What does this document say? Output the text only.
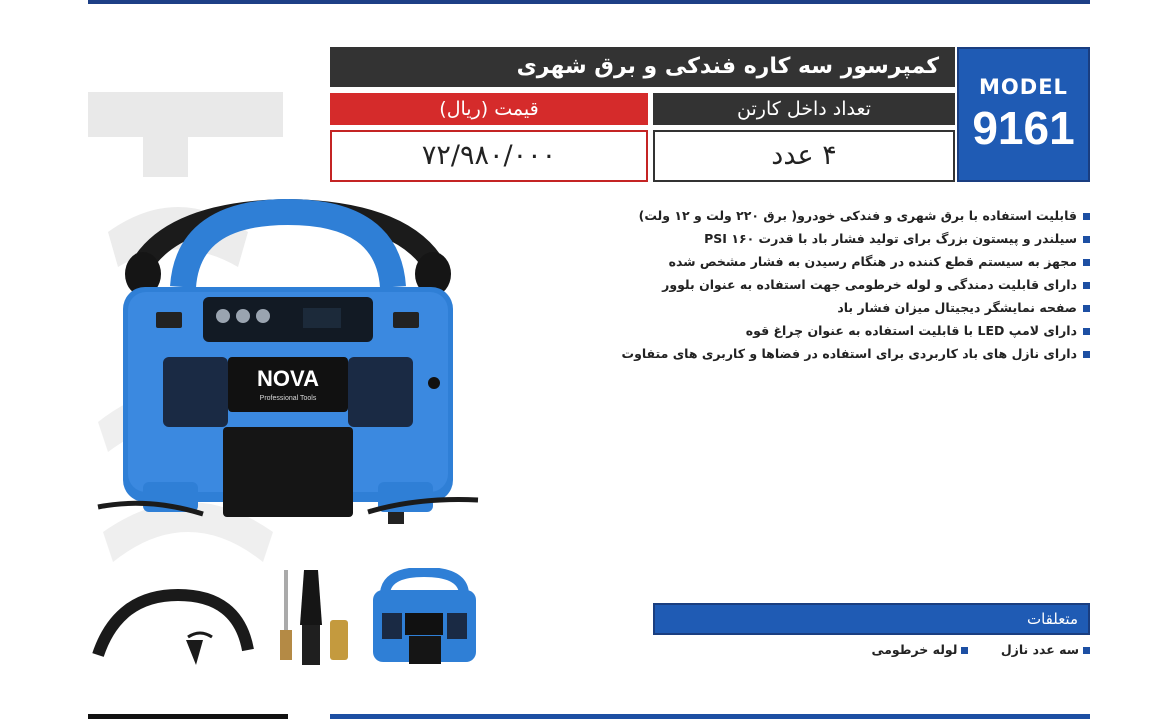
NOVA
Professional Tools
کمپرسور سه کاره فندکی و برق شهری
MODEL
9161
قیمت (ریال)	تعداد داخل کارتن
۷۲/۹۸۰/۰۰۰	۴ عدد
قابلیت استفاده با برق شهری و فندکی خودرو( برق ۲۲۰ ولت و ۱۲ ولت)
سیلندر و پیستون بزرگ برای تولید فشار باد با قدرت ۱۶۰ PSI
مجهز به سیستم قطع کننده در هنگام رسیدن به فشار مشخص شده
دارای قابلیت دمندگی و لوله خرطومی جهت استفاده به عنوان بلوور
صفحه نمایشگر دیجیتال میزان فشار باد
دارای لامپ LED با قابلیت استفاده به عنوان چراغ قوه
دارای نازل های باد کاربردی برای استفاده در فضاها و کاربری های متفاوت
متعلقات
سه عدد نازل لوله خرطومی
